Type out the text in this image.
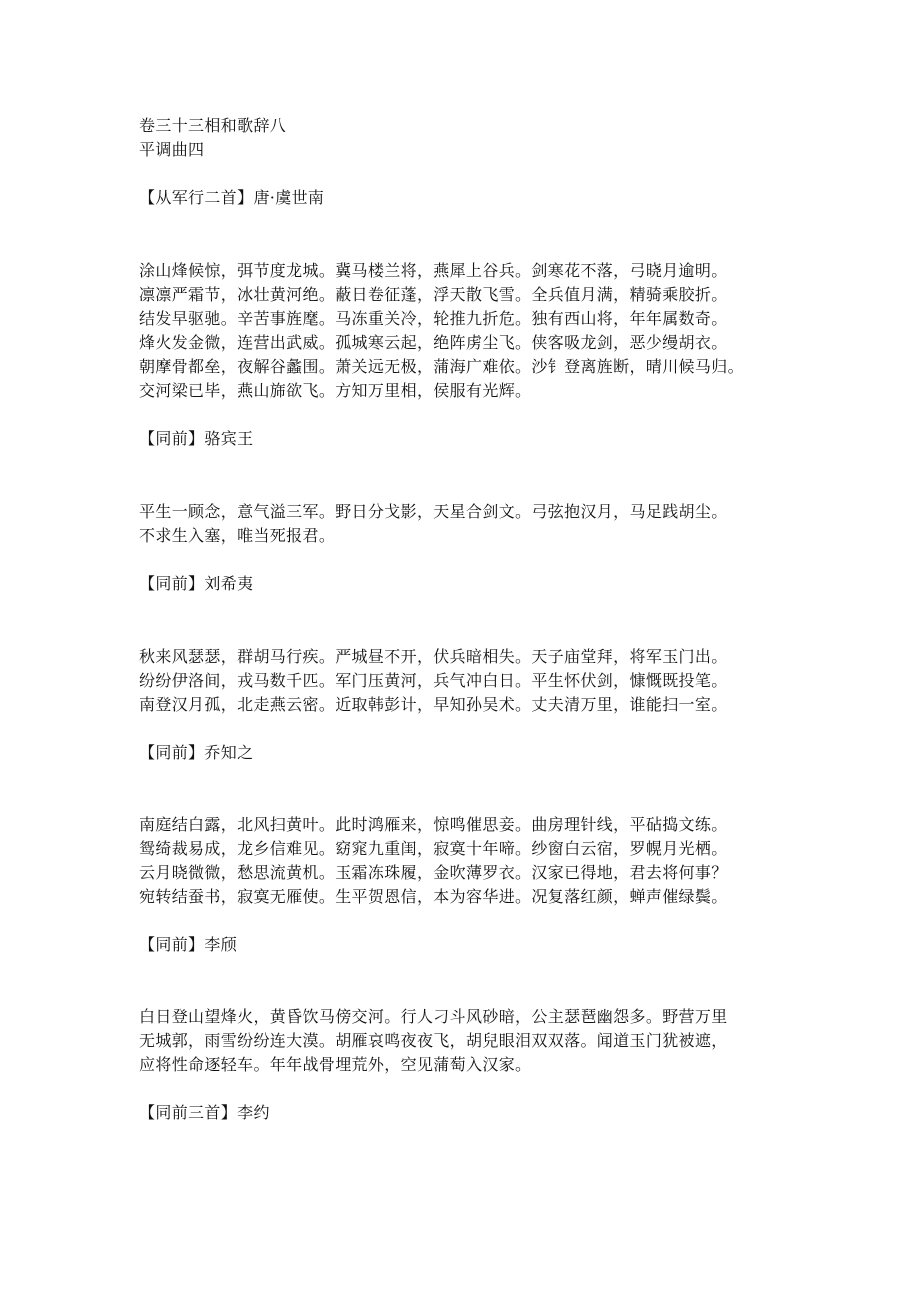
卷三十三相和歌辞八
平调曲四
【从军行二首】唐·虞世南
涂山烽候惊，弭节度龙城。冀马楼兰将，燕犀上谷兵。剑寒花不落，弓晓月逾明。
凛凛严霜节，冰壮黄河绝。蔽日卷征蓬，浮天散飞雪。全兵值月满，精骑乘胶折。
结发早驱驰。辛苦事旌麾。马冻重关冷，轮推九折危。独有西山将，年年属数奇。
烽火发金微，连营出武威。孤城寒云起，绝阵虏尘飞。侠客吸龙剑，恶少缦胡衣。
朝摩骨都垒，夜解谷蠡围。萧关远无极，蒲海广难依。沙钅登离旌断，晴川候马归。
交河梁已毕，燕山旆欲飞。方知万里相，侯服有光辉。
【同前】骆宾王
平生一顾念，意气溢三军。野日分戈影，天星合剑文。弓弦抱汉月，马足践胡尘。
不求生入塞，唯当死报君。
【同前】刘希夷
秋来风瑟瑟，群胡马行疾。严城昼不开，伏兵暗相失。天子庙堂拜，将军玉门出。
纷纷伊洛间，戎马数千匹。军门压黄河，兵气冲白日。平生怀伏剑，慷慨既投笔。
南登汉月孤，北走燕云密。近取韩彭计，早知孙吴术。丈夫清万里，谁能扫一室。
【同前】乔知之
南庭结白露，北风扫黄叶。此时鸿雁来，惊鸣催思妾。曲房理针线，平砧捣文练。
鸳绮裁易成，龙乡信难见。窈窕九重闺，寂寞十年啼。纱窗白云宿，罗幌月光栖。
云月晓微微，愁思流黄机。玉霜冻珠履，金吹薄罗衣。汉家已得地，君去将何事？
宛转结蚕书，寂寞无雁使。生平贺恩信，本为容华进。况复落红颜，蝉声催绿鬓。
【同前】李颀
白日登山望烽火，黄昏饮马傍交河。行人刁斗风砂暗，公主瑟琶幽怨多。野营万里
无城郭，雨雪纷纷连大漠。胡雁哀鸣夜夜飞，胡兒眼泪双双落。闻道玉门犹被遮，
应将性命逐轻车。年年战骨埋荒外，空见蒲萄入汉家。
【同前三首】李约
